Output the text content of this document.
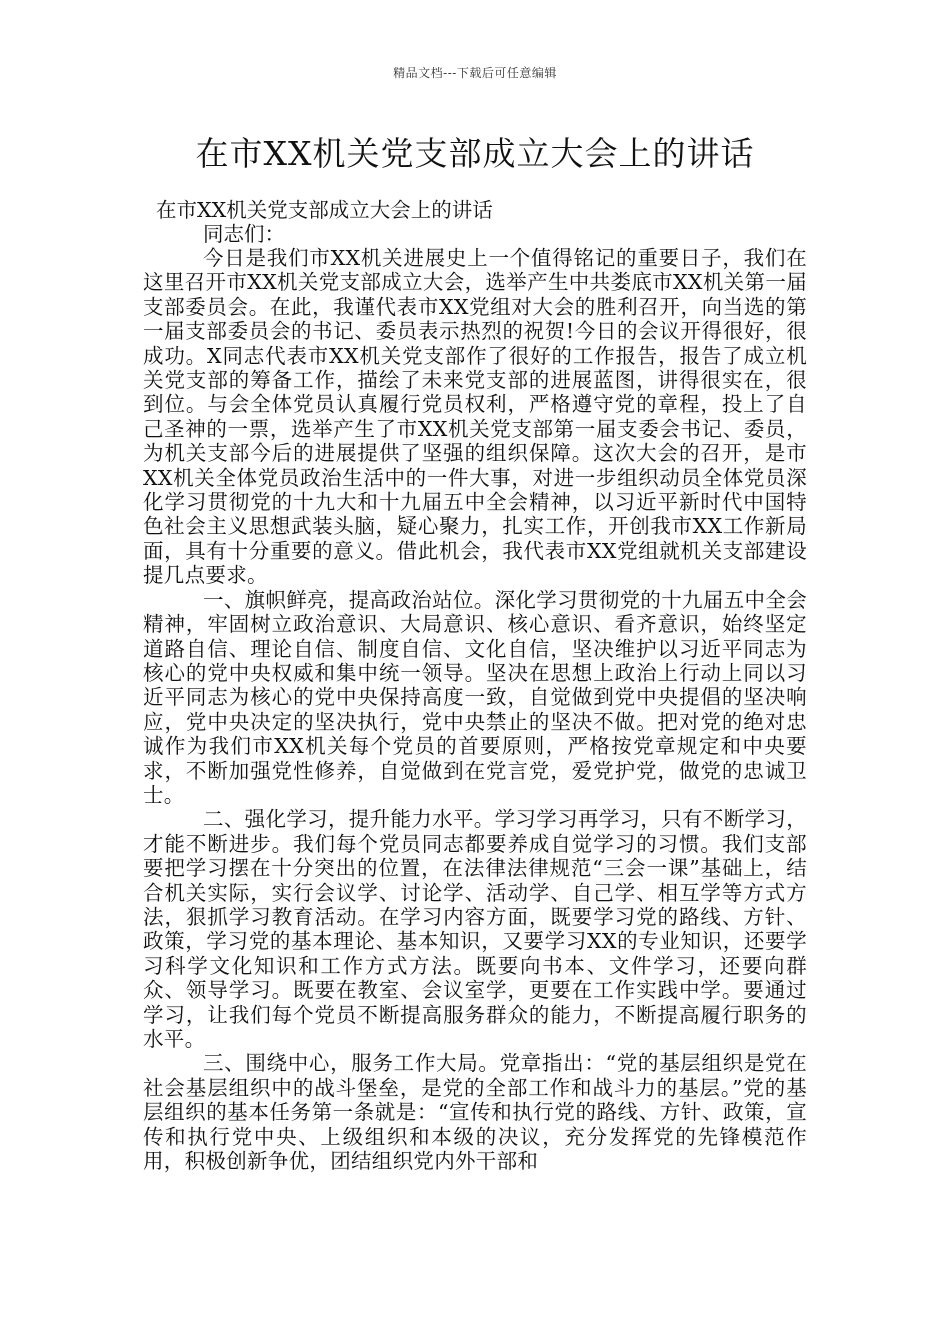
精品文档---下载后可任意编辑
在市XX机关党支部成立大会上的讲话

在市XX机关党支部成立大会上的讲话

同志们：

今日是我们市XX机关进展史上一个值得铭记的重要日子，我们在这里召开市XX机关党支部成立大会，选举产生中共娄底市XX机关第一届支部委员会。在此，我谨代表市XX党组对大会的胜利召开，向当选的第一届支部委员会的书记、委员表示热烈的祝贺!今日的会议开得很好，很成功。X同志代表市XX机关党支部作了很好的工作报告，报告了成立机关党支部的筹备工作，描绘了未来党支部的进展蓝图，讲得很实在，很到位。与会全体党员认真履行党员权利，严格遵守党的章程，投上了自己圣神的一票，选举产生了市XX机关党支部第一届支委会书记、委员，为机关支部今后的进展提供了坚强的组织保障。这次大会的召开，是市XX机关全体党员政治生活中的一件大事，对进一步组织动员全体党员深化学习贯彻党的十九大和十九届五中全会精神，以习近平新时代中国特色社会主义思想武装头脑，疑心聚力，扎实工作，开创我市XX工作新局面，具有十分重要的意义。借此机会，我代表市XX党组就机关支部建设提几点要求。

一、旗帜鲜亮，提高政治站位。深化学习贯彻党的十九届五中全会精神，牢固树立政治意识、大局意识、核心意识、看齐意识，始终坚定道路自信、理论自信、制度自信、文化自信，坚决维护以习近平同志为核心的党中央权威和集中统一领导。坚决在思想上政治上行动上同以习近平同志为核心的党中央保持高度一致，自觉做到党中央提倡的坚决响应，党中央决定的坚决执行，党中央禁止的坚决不做。把对党的绝对忠诚作为我们市XX机关每个党员的首要原则，严格按党章规定和中央要求，不断加强党性修养，自觉做到在党言党，爱党护党，做党的忠诚卫士。

二、强化学习，提升能力水平。学习学习再学习，只有不断学习，才能不断进步。我们每个党员同志都要养成自觉学习的习惯。我们支部要把学习摆在十分突出的位置，在法律法律规范“三会一课”基础上，结合机关实际，实行会议学、讨论学、活动学、自己学、相互学等方式方法，狠抓学习教育活动。在学习内容方面，既要学习党的路线、方针、政策，学习党的基本理论、基本知识，又要学习XX的专业知识，还要学习科学文化知识和工作方式方法。既要向书本、文件学习，还要向群众、领导学习。既要在教室、会议室学，更要在工作实践中学。要通过学习，让我们每个党员不断提高服务群众的能力，不断提高履行职务的水平。

三、围绕中心，服务工作大局。党章指出：“党的基层组织是党在社会基层组织中的战斗堡垒，是党的全部工作和战斗力的基层。”党的基层组织的基本任务第一条就是：“宣传和执行党的路线、方针、政策，宣传和执行党中央、上级组织和本级的决议，充分发挥党的先锋模范作用，积极创新争优，团结组织党内外干部和
